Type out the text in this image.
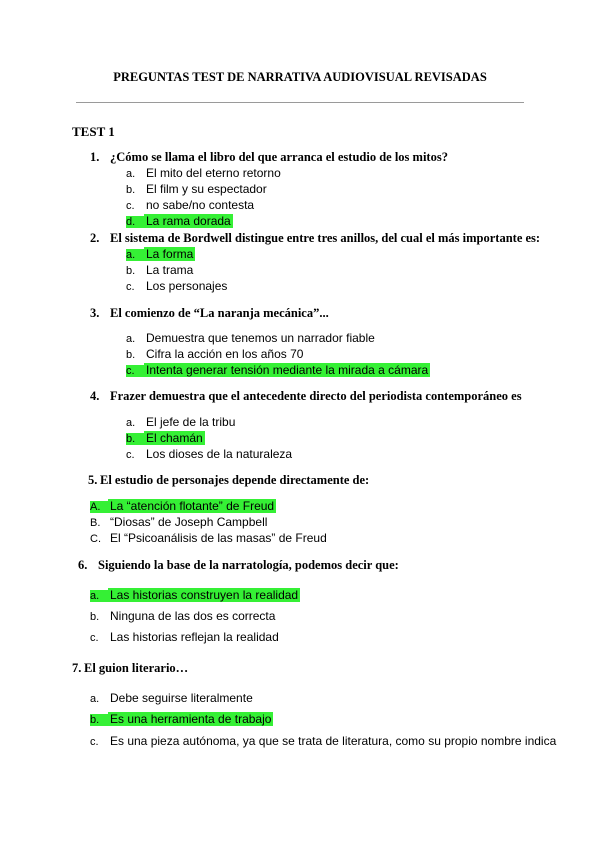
PREGUNTAS TEST DE NARRATIVA AUDIOVISUAL REVISADAS
TEST 1
1. ¿Cómo se llama el libro del que arranca el estudio de los mitos?
a. El mito del eterno retorno
b. El film y su espectador
c. no sabe/no contesta
d. La rama dorada
2. El sistema de Bordwell distingue entre tres anillos, del cual el más importante es:
a. La forma
b. La trama
c. Los personajes
3. El comienzo de “La naranja mecánica”...
a. Demuestra que tenemos un narrador fiable
b. Cifra la acción en los años 70
c. Intenta generar tensión mediante la mirada a cámara
4. Frazer demuestra que el antecedente directo del periodista contemporáneo es
a. El jefe de la tribu
b. El chamán
c. Los dioses de la naturaleza
5. El estudio de personajes depende directamente de:
A. La “atención flotante” de Freud
B. “Diosas” de Joseph Campbell
C. El “Psicoanálisis de las masas” de Freud
6. Siguiendo la base de la narratología, podemos decir que:
a. Las historias construyen la realidad
b. Ninguna de las dos es correcta
c. Las historias reflejan la realidad
7. El guion literario…
a. Debe seguirse literalmente
b. Es una herramienta de trabajo
c. Es una pieza autónoma, ya que se trata de literatura, como su propio nombre indica
